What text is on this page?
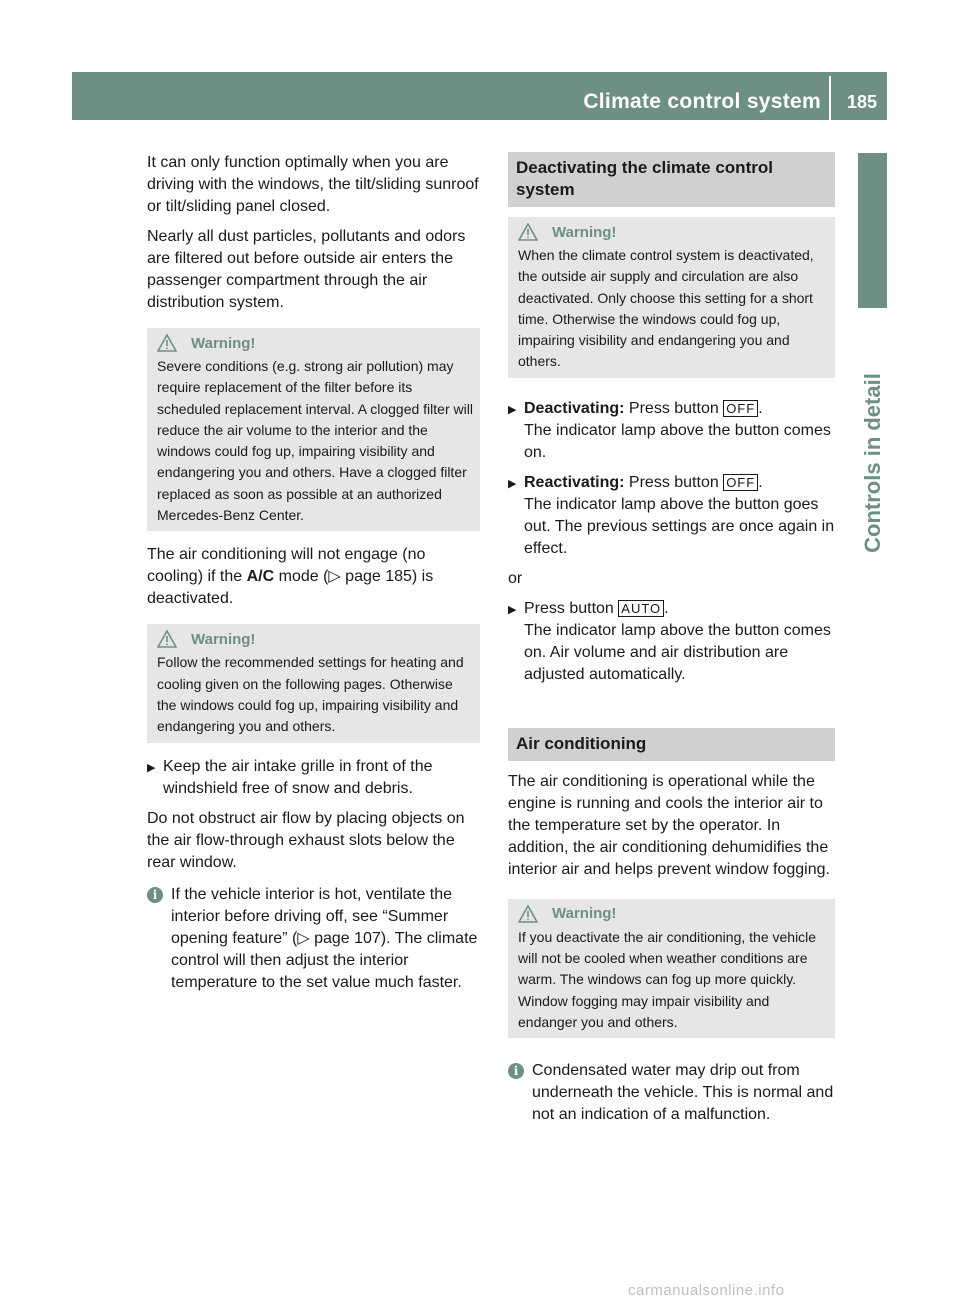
Climate control system 185
Controls in detail

It can only function optimally when you are driving with the windows, the tilt/sliding sunroof or tilt/sliding panel closed.

Nearly all dust particles, pollutants and odors are filtered out before outside air enters the passenger compartment through the air distribution system.

Warning!
Severe conditions (e.g. strong air pollution) may require replacement of the filter before its scheduled replacement interval. A clogged filter will reduce the air volume to the interior and the windows could fog up, impairing visibility and endangering you and others. Have a clogged filter replaced as soon as possible at an authorized Mercedes-Benz Center.

The air conditioning will not engage (no cooling) if the A/C mode (▷ page 185) is deactivated.

Warning!
Follow the recommended settings for heating and cooling given on the following pages. Otherwise the windows could fog up, impairing visibility and endangering you and others.
▶ Keep the air intake grille in front of the windshield free of snow and debris.

Do not obstruct air flow by placing objects on the air flow-through exhaust slots below the rear window.

i If the vehicle interior is hot, ventilate the interior before driving off, see “Summer opening feature” (▷ page 107). The climate control will then adjust the interior temperature to the set value much faster.
Deactivating the climate control system
Warning!
When the climate control system is deactivated, the outside air supply and circulation are also deactivated. Only choose this setting for a short time. Otherwise the windows could fog up, impairing visibility and endangering you and others.
▶ Deactivating: Press button OFF .
The indicator lamp above the button comes on.
▶ Reactivating: Press button OFF .
The indicator lamp above the button goes out. The previous settings are once again in effect.

or

▶ Press button AUTO .
The indicator lamp above the button comes on. Air volume and air distribution are adjusted automatically.
Air conditioning

The air conditioning is operational while the engine is running and cools the interior air to the temperature set by the operator. In addition, the air conditioning dehumidifies the interior air and helps prevent window fogging.

Warning!
If you deactivate the air conditioning, the vehicle will not be cooled when weather conditions are warm. The windows can fog up more quickly. Window fogging may impair visibility and endanger you and others.
i Condensated water may drip out from underneath the vehicle. This is normal and not an indication of a malfunction.
carmanualsonline.info
